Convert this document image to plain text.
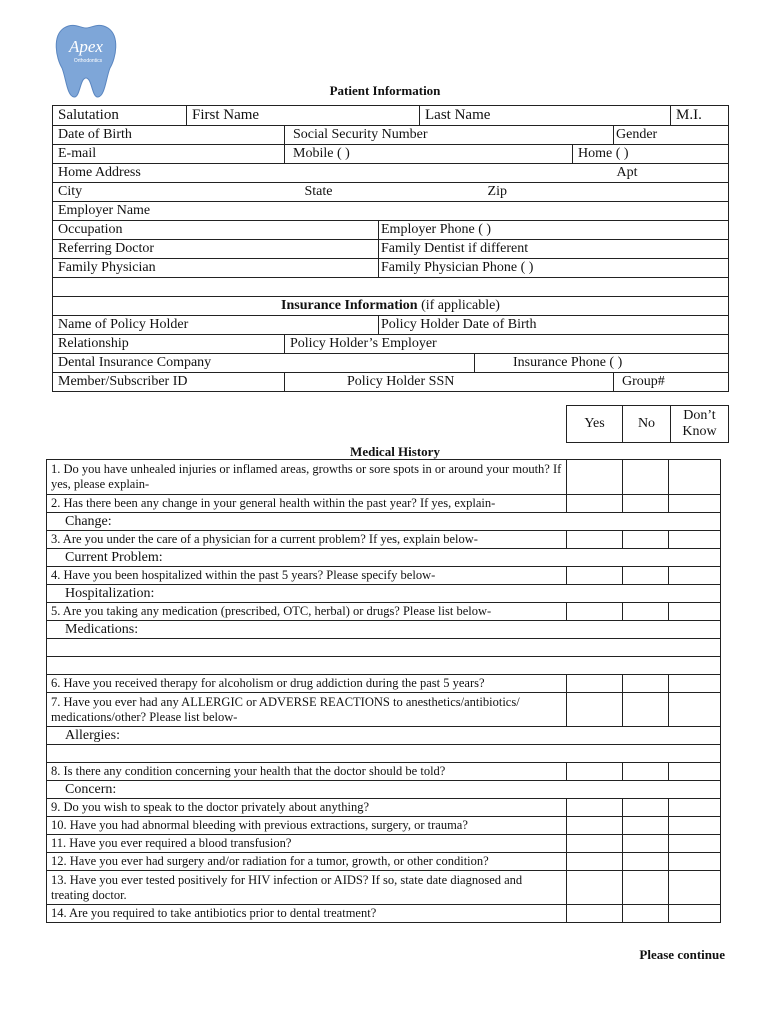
Apex
Orthodontics
Patient Information
Salutation	First Name			Last Name				M.I.
Date of Birth		Social Security Number					Gender	
E-mail		Mobile ( )				Home ( )		
Home Address							Apt	
City		State		Zip				
Employer Name								
Occupation			Employer Phone ( )					
Referring Doctor			Family Dentist if different					
Family Physician			Family Physician Phone ( )					

Insurance Information (if applicable)								
Name of Policy Holder			Policy Holder Date of Birth					
Relationship		Policy Holder’s Employer						
Dental Insurance Company					Insurance Phone ( )			
Member/Subscriber ID		Policy Holder SSN					Group#	
Yes	No	Don’t
Know
Medical History
1. Do you have unhealed injuries or inflamed areas, growths or sore spots in or around your mouth? If yes, please explain-			
2. Has there been any change in your general health within the past year? If yes, explain-			
Change:			
3. Are you under the care of a physician for a current problem? If yes, explain below-			
Current Problem:			
4. Have you been hospitalized within the past 5 years? Please specify below-			
Hospitalization:			
5. Are you taking any medication (prescribed, OTC, herbal) or drugs? Please list below-			
Medications:			

6. Have you received therapy for alcoholism or drug addiction during the past 5 years?			
7. Have you ever had any ALLERGIC or ADVERSE REACTIONS to anesthetics/antibiotics/ medications/other? Please list below-			
Allergies:			

8. Is there any condition concerning your health that the doctor should be told?			
Concern:			
9. Do you wish to speak to the doctor privately about anything?			
10. Have you had abnormal bleeding with previous extractions, surgery, or trauma?			
11. Have you ever required a blood transfusion?			
12. Have you ever had surgery and/or radiation for a tumor, growth, or other condition?			
13. Have you ever tested positively for HIV infection or AIDS? If so, state date diagnosed and treating doctor.			
14. Are you required to take antibiotics prior to dental treatment?			
Please continue
